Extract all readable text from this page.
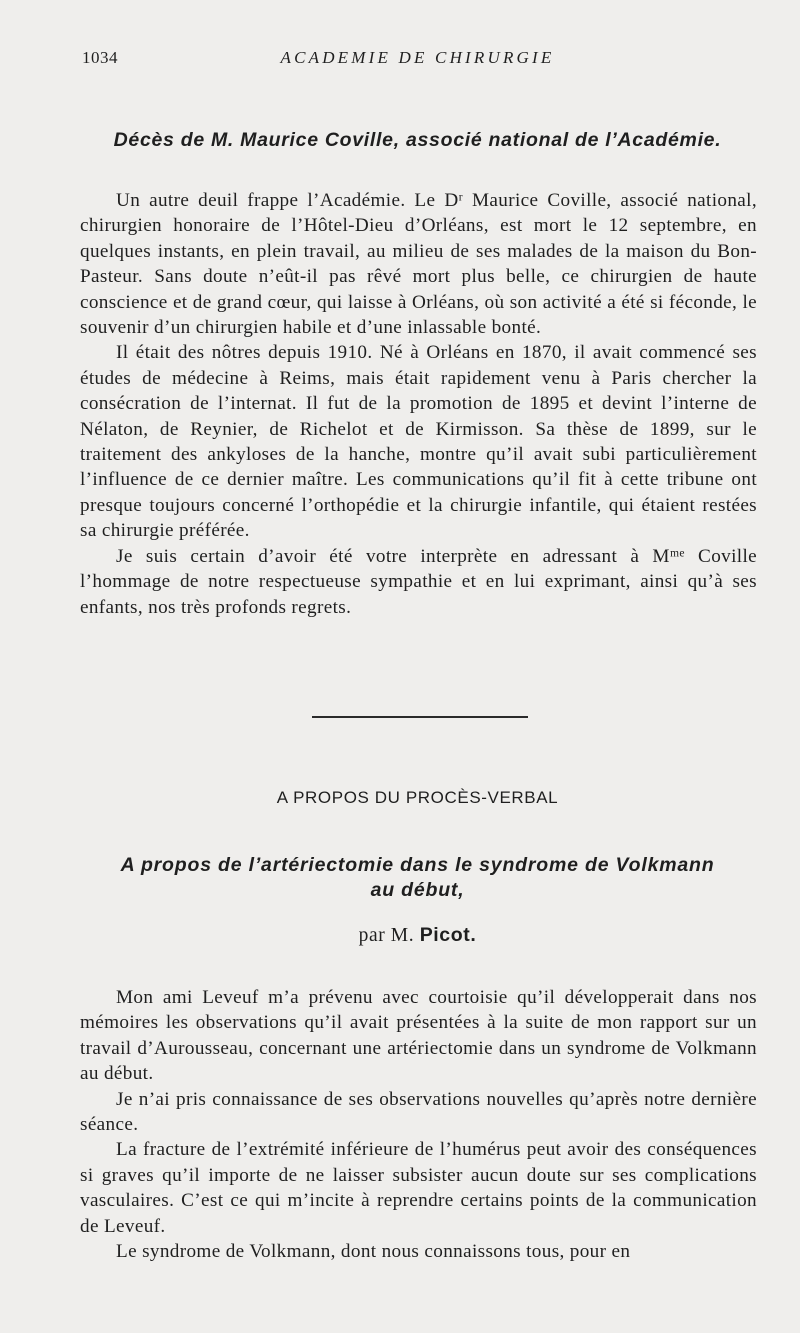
1034	ACADEMIE DE CHIRURGIE
Décès de M. Maurice Coville, associé national de l’Académie.

Un autre deuil frappe l’Académie. Le Dʳ Maurice Coville, associé national, chirurgien honoraire de l’Hôtel-Dieu d’Orléans, est mort le 12 septembre, en quelques instants, en plein travail, au milieu de ses malades de la maison du Bon-Pasteur. Sans doute n’eût-il pas rêvé mort plus belle, ce chirurgien de haute conscience et de grand cœur, qui laisse à Orléans, où son activité a été si féconde, le souvenir d’un chirurgien habile et d’une inlassable bonté.

Il était des nôtres depuis 1910. Né à Orléans en 1870, il avait commencé ses études de médecine à Reims, mais était rapidement venu à Paris chercher la consécration de l’internat. Il fut de la promotion de 1895 et devint l’interne de Nélaton, de Reynier, de Richelot et de Kirmisson. Sa thèse de 1899, sur le traitement des ankyloses de la hanche, montre qu’il avait subi particulièrement l’influence de ce dernier maître. Les communications qu’il fit à cette tribune ont presque toujours concerné l’orthopédie et la chirurgie infantile, qui étaient restées sa chirurgie préférée.

Je suis certain d’avoir été votre interprète en adressant à Mᵐᵉ Coville l’hommage de notre respectueuse sympathie et en lui exprimant, ainsi qu’à ses enfants, nos très profonds regrets.

A PROPOS DU PROCÈS-VERBAL
A propos de l’artériectomie dans le syndrome de Volkmann
au début,
par M. Picot.

Mon ami Leveuf m’a prévenu avec courtoisie qu’il développerait dans nos mémoires les observations qu’il avait présentées à la suite de mon rapport sur un travail d’Aurousseau, concernant une artériectomie dans un syndrome de Volkmann au début.

Je n’ai pris connaissance de ses observations nouvelles qu’après notre dernière séance.

La fracture de l’extrémité inférieure de l’humérus peut avoir des conséquences si graves qu’il importe de ne laisser subsister aucun doute sur ses complications vasculaires. C’est ce qui m’incite à reprendre certains points de la communication de Leveuf.

Le syndrome de Volkmann, dont nous connaissons tous, pour en
